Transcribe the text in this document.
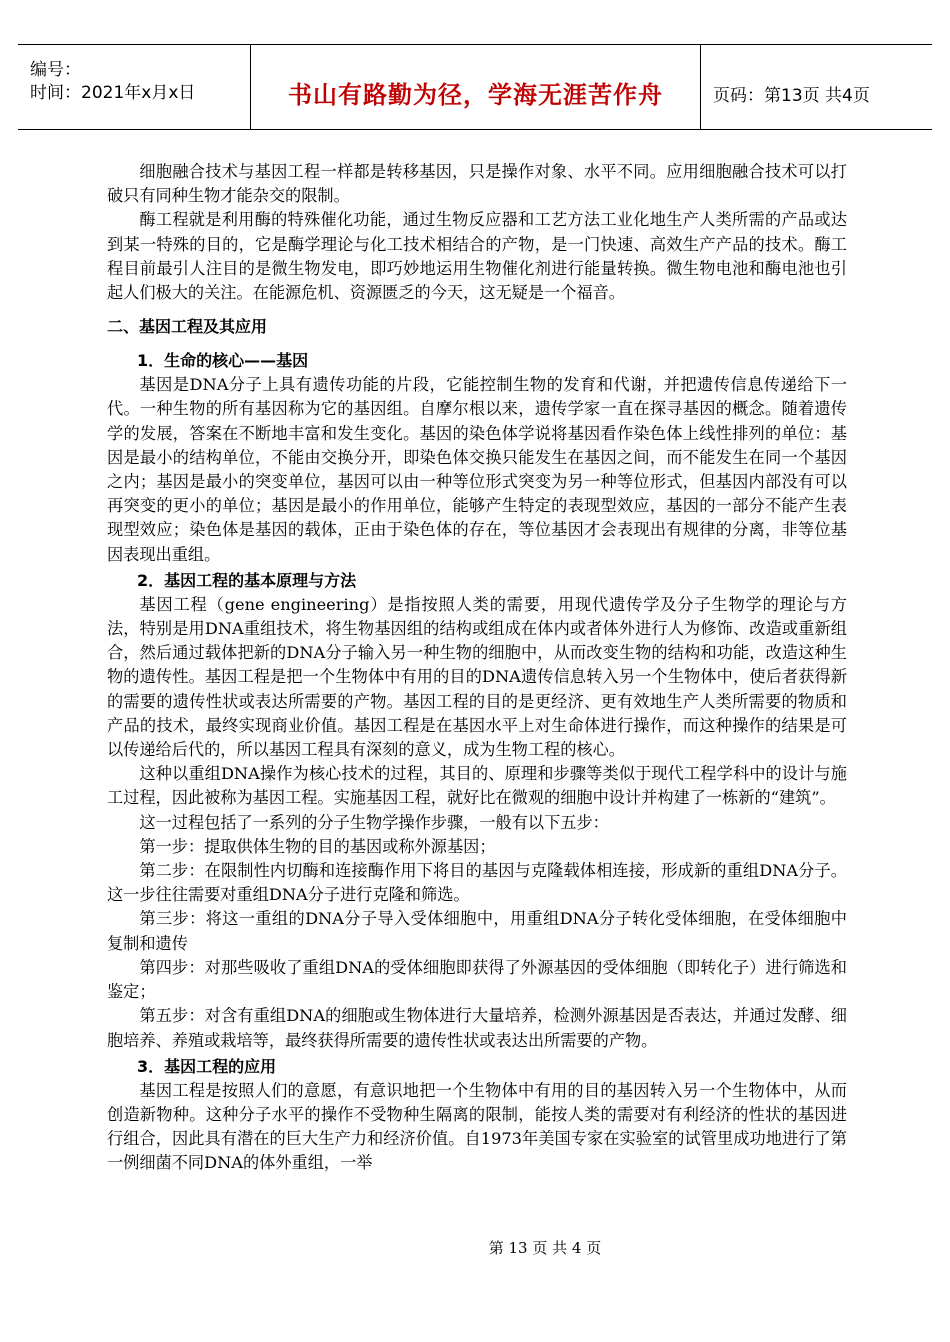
编号：
时间：2021年x月x日	书山有路勤为径，学海无涯苦作舟	页码：第13页 共4页

细胞融合技术与基因工程一样都是转移基因，只是操作对象、水平不同。应用细胞融合技术可以打破只有同种生物才能杂交的限制。

酶工程就是利用酶的特殊催化功能，通过生物反应器和工艺方法工业化地生产人类所需的产品或达到某一特殊的目的，它是酶学理论与化工技术相结合的产物，是一门快速、高效生产产品的技术。酶工程目前最引人注目的是微生物发电，即巧妙地运用生物催化剂进行能量转换。微生物电池和酶电池也引起人们极大的关注。在能源危机、资源匮乏的今天，这无疑是一个福音。

二、基因工程及其应用
1．生命的核心——基因

基因是DNA分子上具有遗传功能的片段，它能控制生物的发育和代谢，并把遗传信息传递给下一代。一种生物的所有基因称为它的基因组。自摩尔根以来，遗传学家一直在探寻基因的概念。随着遗传学的发展，答案在不断地丰富和发生变化。基因的染色体学说将基因看作染色体上线性排列的单位：基因是最小的结构单位，不能由交换分开，即染色体交换只能发生在基因之间，而不能发生在同一个基因之内；基因是最小的突变单位，基因可以由一种等位形式突变为另一种等位形式，但基因内部没有可以再突变的更小的单位；基因是最小的作用单位，能够产生特定的表现型效应，基因的一部分不能产生表现型效应；染色体是基因的载体，正由于染色体的存在，等位基因才会表现出有规律的分离，非等位基因表现出重组。

2．基因工程的基本原理与方法

基因工程（gene engineering）是指按照人类的需要，用现代遗传学及分子生物学的理论与方法，特别是用DNA重组技术，将生物基因组的结构或组成在体内或者体外进行人为修饰、改造或重新组合，然后通过载体把新的DNA分子输入另一种生物的细胞中，从而改变生物的结构和功能，改造这种生物的遗传性。基因工程是把一个生物体中有用的目的DNA遗传信息转入另一个生物体中，使后者获得新的需要的遗传性状或表达所需要的产物。基因工程的目的是更经济、更有效地生产人类所需要的物质和产品的技术，最终实现商业价值。基因工程是在基因水平上对生命体进行操作，而这种操作的结果是可以传递给后代的，所以基因工程具有深刻的意义，成为生物工程的核心。

这种以重组DNA操作为核心技术的过程，其目的、原理和步骤等类似于现代工程学科中的设计与施工过程，因此被称为基因工程。实施基因工程，就好比在微观的细胞中设计并构建了一栋新的“建筑”。

这一过程包括了一系列的分子生物学操作步骤，一般有以下五步：

第一步：提取供体生物的目的基因或称外源基因；

第二步：在限制性内切酶和连接酶作用下将目的基因与克隆载体相连接，形成新的重组DNA分子。这一步往往需要对重组DNA分子进行克隆和筛选。

第三步：将这一重组的DNA分子导入受体细胞中，用重组DNA分子转化受体细胞，在受体细胞中复制和遗传

第四步：对那些吸收了重组DNA的受体细胞即获得了外源基因的受体细胞（即转化子）进行筛选和鉴定；

第五步：对含有重组DNA的细胞或生物体进行大量培养，检测外源基因是否表达，并通过发酵、细胞培养、养殖或栽培等，最终获得所需要的遗传性状或表达出所需要的产物。

3．基因工程的应用

基因工程是按照人们的意愿，有意识地把一个生物体中有用的目的基因转入另一个生物体中，从而创造新物种。这种分子水平的操作不受物种生隔离的限制，能按人类的需要对有利经济的性状的基因进行组合，因此具有潜在的巨大生产力和经济价值。自1973年美国专家在实验室的试管里成功地进行了第一例细菌不同DNA的体外重组，一举

第 13 页 共 4 页
